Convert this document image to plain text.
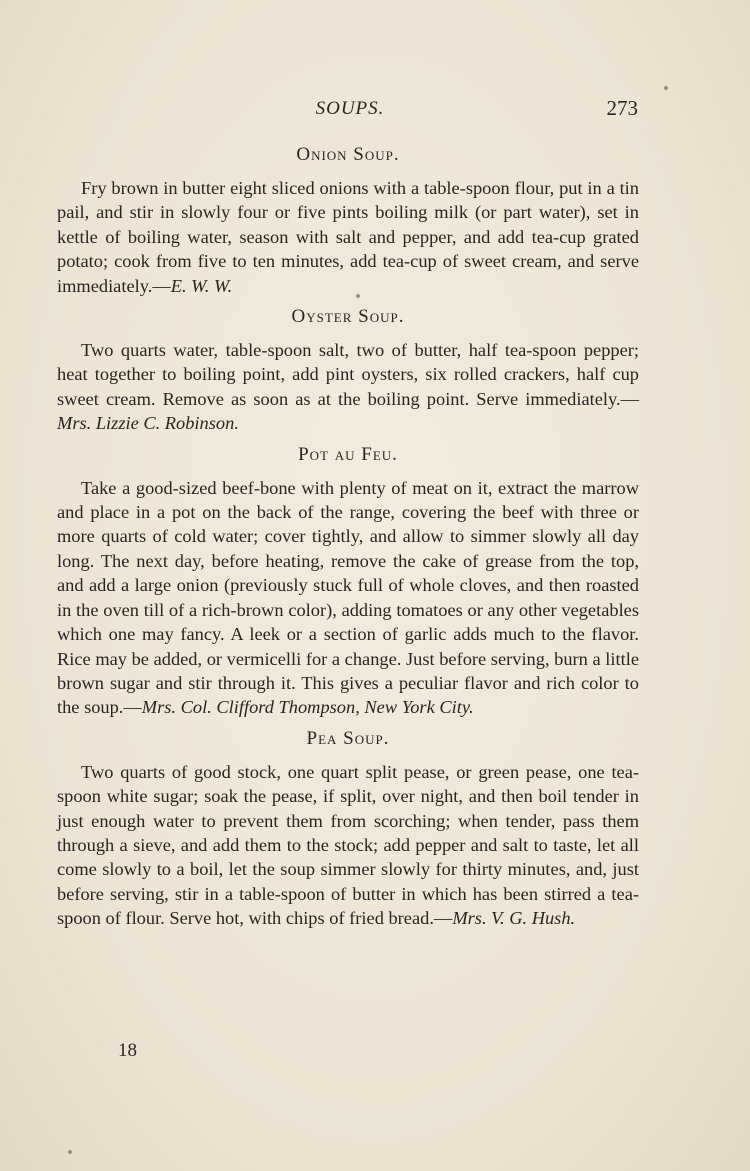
SOUPS.	273
Onion Soup.

Fry brown in butter eight sliced onions with a table-spoon flour, put in a tin pail, and stir in slowly four or five pints boiling milk (or part water), set in kettle of boiling water, season with salt and pepper, and add tea-cup grated potato; cook from five to ten minutes, add tea-cup of sweet cream, and serve immediately.—E. W. W.

Oyster Soup.

Two quarts water, table-spoon salt, two of butter, half tea-spoon pepper; heat together to boiling point, add pint oysters, six rolled crackers, half cup sweet cream. Remove as soon as at the boiling point. Serve immediately.—Mrs. Lizzie C. Robinson.

Pot au Feu.

Take a good-sized beef-bone with plenty of meat on it, extract the marrow and place in a pot on the back of the range, covering the beef with three or more quarts of cold water; cover tightly, and allow to simmer slowly all day long. The next day, before heating, remove the cake of grease from the top, and add a large onion (previously stuck full of whole cloves, and then roasted in the oven till of a rich-brown color), adding tomatoes or any other vegetables which one may fancy. A leek or a section of garlic adds much to the flavor. Rice may be added, or vermicelli for a change. Just before serving, burn a little brown sugar and stir through it. This gives a peculiar flavor and rich color to the soup.—Mrs. Col. Clifford Thompson, New York City.

Pea Soup.

Two quarts of good stock, one quart split pease, or green pease, one tea-spoon white sugar; soak the pease, if split, over night, and then boil tender in just enough water to prevent them from scorching; when tender, pass them through a sieve, and add them to the stock; add pepper and salt to taste, let all come slowly to a boil, let the soup simmer slowly for thirty minutes, and, just before serving, stir in a table-spoon of butter in which has been stirred a tea-spoon of flour. Serve hot, with chips of fried bread.—Mrs. V. G. Hush.

18
